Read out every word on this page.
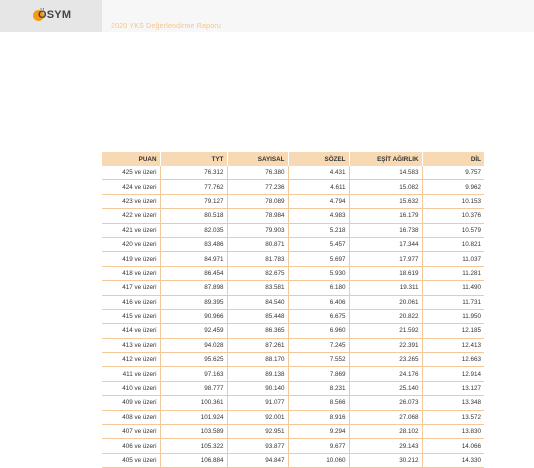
ÖSYM
2020 YKS Değerlendirme Raporu
PUAN	TYT	SAYISAL	SÖZEL	EŞİT AĞIRLIK	DİL
425 ve üzeri	76.312	76.380	4.431	14.583	9.757
424 ve üzeri	77.762	77.236	4.611	15.082	9.962
423 ve üzeri	79.127	78.089	4.794	15.632	10.153
422 ve üzeri	80.518	78.984	4.983	16.179	10.376
421 ve üzeri	82.035	79.903	5.218	16.738	10.579
420 ve üzeri	83.486	80.871	5.457	17.344	10.821
419 ve üzeri	84.971	81.783	5.697	17.977	11.037
418 ve üzeri	86.454	82.675	5.930	18.619	11.281
417 ve üzeri	87.898	83.581	6.180	19.311	11.490
416 ve üzeri	89.395	84.540	6.406	20.061	11.731
415 ve üzeri	90.966	85.448	6.675	20.822	11.950
414 ve üzeri	92.459	86.365	6.960	21.592	12.185
413 ve üzeri	94.028	87.261	7.245	22.391	12.413
412 ve üzeri	95.625	88.170	7.552	23.265	12.663
411 ve üzeri	97.163	89.138	7.869	24.176	12.914
410 ve üzeri	98.777	90.140	8.231	25.140	13.127
409 ve üzeri	100.361	91.077	8.566	26.073	13.348
408 ve üzeri	101.924	92.001	8.916	27.068	13.572
407 ve üzeri	103.589	92.951	9.294	28.102	13.830
406 ve üzeri	105.322	93.877	9.677	29.143	14.066
405 ve üzeri	106.884	94.847	10.060	30.212	14.330
